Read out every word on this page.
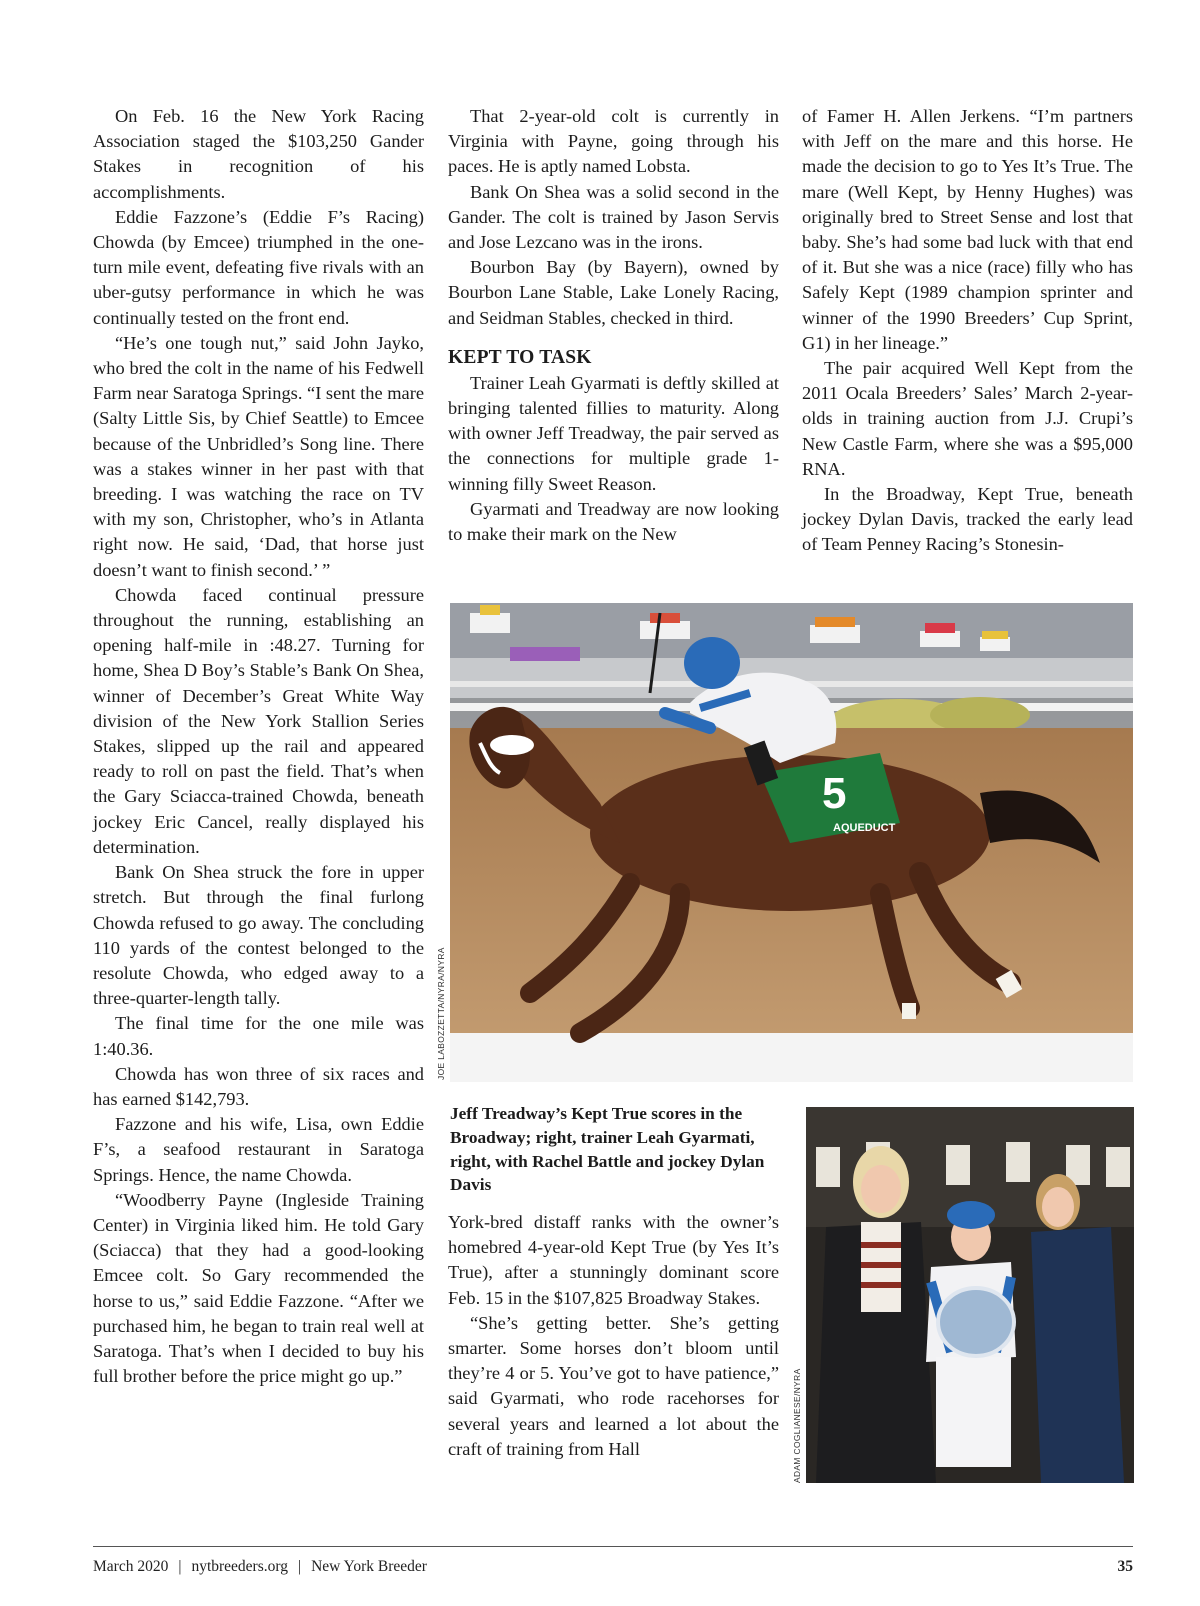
On Feb. 16 the New York Racing Association staged the $103,250 Gander Stakes in recognition of his accomplishments.

Eddie Fazzone’s (Eddie F’s Racing) Chowda (by Emcee) triumphed in the one-turn mile event, defeating five rivals with an uber-gutsy performance in which he was continually tested on the front end.

“He’s one tough nut,” said John Jayko, who bred the colt in the name of his Fedwell Farm near Saratoga Springs. “I sent the mare (Salty Little Sis, by Chief Seattle) to Emcee because of the Unbridled’s Song line. There was a stakes winner in her past with that breeding. I was watching the race on TV with my son, Christopher, who’s in Atlanta right now. He said, ‘Dad, that horse just doesn’t want to finish second.’ ”

Chowda faced continual pressure throughout the running, establishing an opening half-mile in :48.27. Turning for home, Shea D Boy’s Stable’s Bank On Shea, winner of December’s Great White Way division of the New York Stallion Series Stakes, slipped up the rail and appeared ready to roll on past the field. That’s when the Gary Sciacca-trained Chowda, beneath jockey Eric Cancel, really displayed his determination.

Bank On Shea struck the fore in upper stretch. But through the final furlong Chowda refused to go away. The concluding 110 yards of the contest belonged to the resolute Chowda, who edged away to a three-quarter-length tally.

The final time for the one mile was 1:40.36.

Chowda has won three of six races and has earned $142,793.

Fazzone and his wife, Lisa, own Eddie F’s, a seafood restaurant in Saratoga Springs. Hence, the name Chowda.

“Woodberry Payne (Ingleside Training Center) in Virginia liked him. He told Gary (Sciacca) that they had a good-looking Emcee colt. So Gary recommended the horse to us,” said Eddie Fazzone. “After we purchased him, he began to train real well at Saratoga. That’s when I decided to buy his full brother before the price might go up.”

That 2-year-old colt is currently in Virginia with Payne, going through his paces. He is aptly named Lobsta.

Bank On Shea was a solid second in the Gander. The colt is trained by Jason Servis and Jose Lezcano was in the irons.

Bourbon Bay (by Bayern), owned by Bourbon Lane Stable, Lake Lonely Racing, and Seidman Stables, checked in third.

KEPT TO TASK

Trainer Leah Gyarmati is deftly skilled at bringing talented fillies to maturity. Along with owner Jeff Treadway, the pair served as the connections for multiple grade 1-winning filly Sweet Reason.

Gyarmati and Treadway are now looking to make their mark on the New

of Famer H. Allen Jerkens. “I’m partners with Jeff on the mare and this horse. He made the decision to go to Yes It’s True. The mare (Well Kept, by Henny Hughes) was originally bred to Street Sense and lost that baby. She’s had some bad luck with that end of it. But she was a nice (race) filly who has Safely Kept (1989 champion sprinter and winner of the 1990 Breeders’ Cup Sprint, G1) in her lineage.”

The pair acquired Well Kept from the 2011 Ocala Breeders’ Sales’ March 2-year-olds in training auction from J.J. Crupi’s New Castle Farm, where she was a $95,000 RNA.

In the Broadway, Kept True, beneath jockey Dylan Davis, tracked the early lead of Team Penney Racing’s Stonesin-

5
AQUEDUCT
JOE LABOZZETTA/NYRA/NYRA
Jeff Treadway’s Kept True scores in the Broadway; right, trainer Leah Gyarmati, right, with Rachel Battle and jockey Dylan Davis
ADAM COGLIANESE/NYRA

York-bred distaff ranks with the owner’s homebred 4-year-old Kept True (by Yes It’s True), after a stunningly dominant score Feb. 15 in the $107,825 Broadway Stakes.

“She’s getting better. She’s getting smarter. Some horses don’t bloom until they’re 4 or 5. You’ve got to have patience,” said Gyarmati, who rode racehorses for several years and learned a lot about the craft of training from Hall

March 2020 | nytbreeders.org | New York Breeder	35
